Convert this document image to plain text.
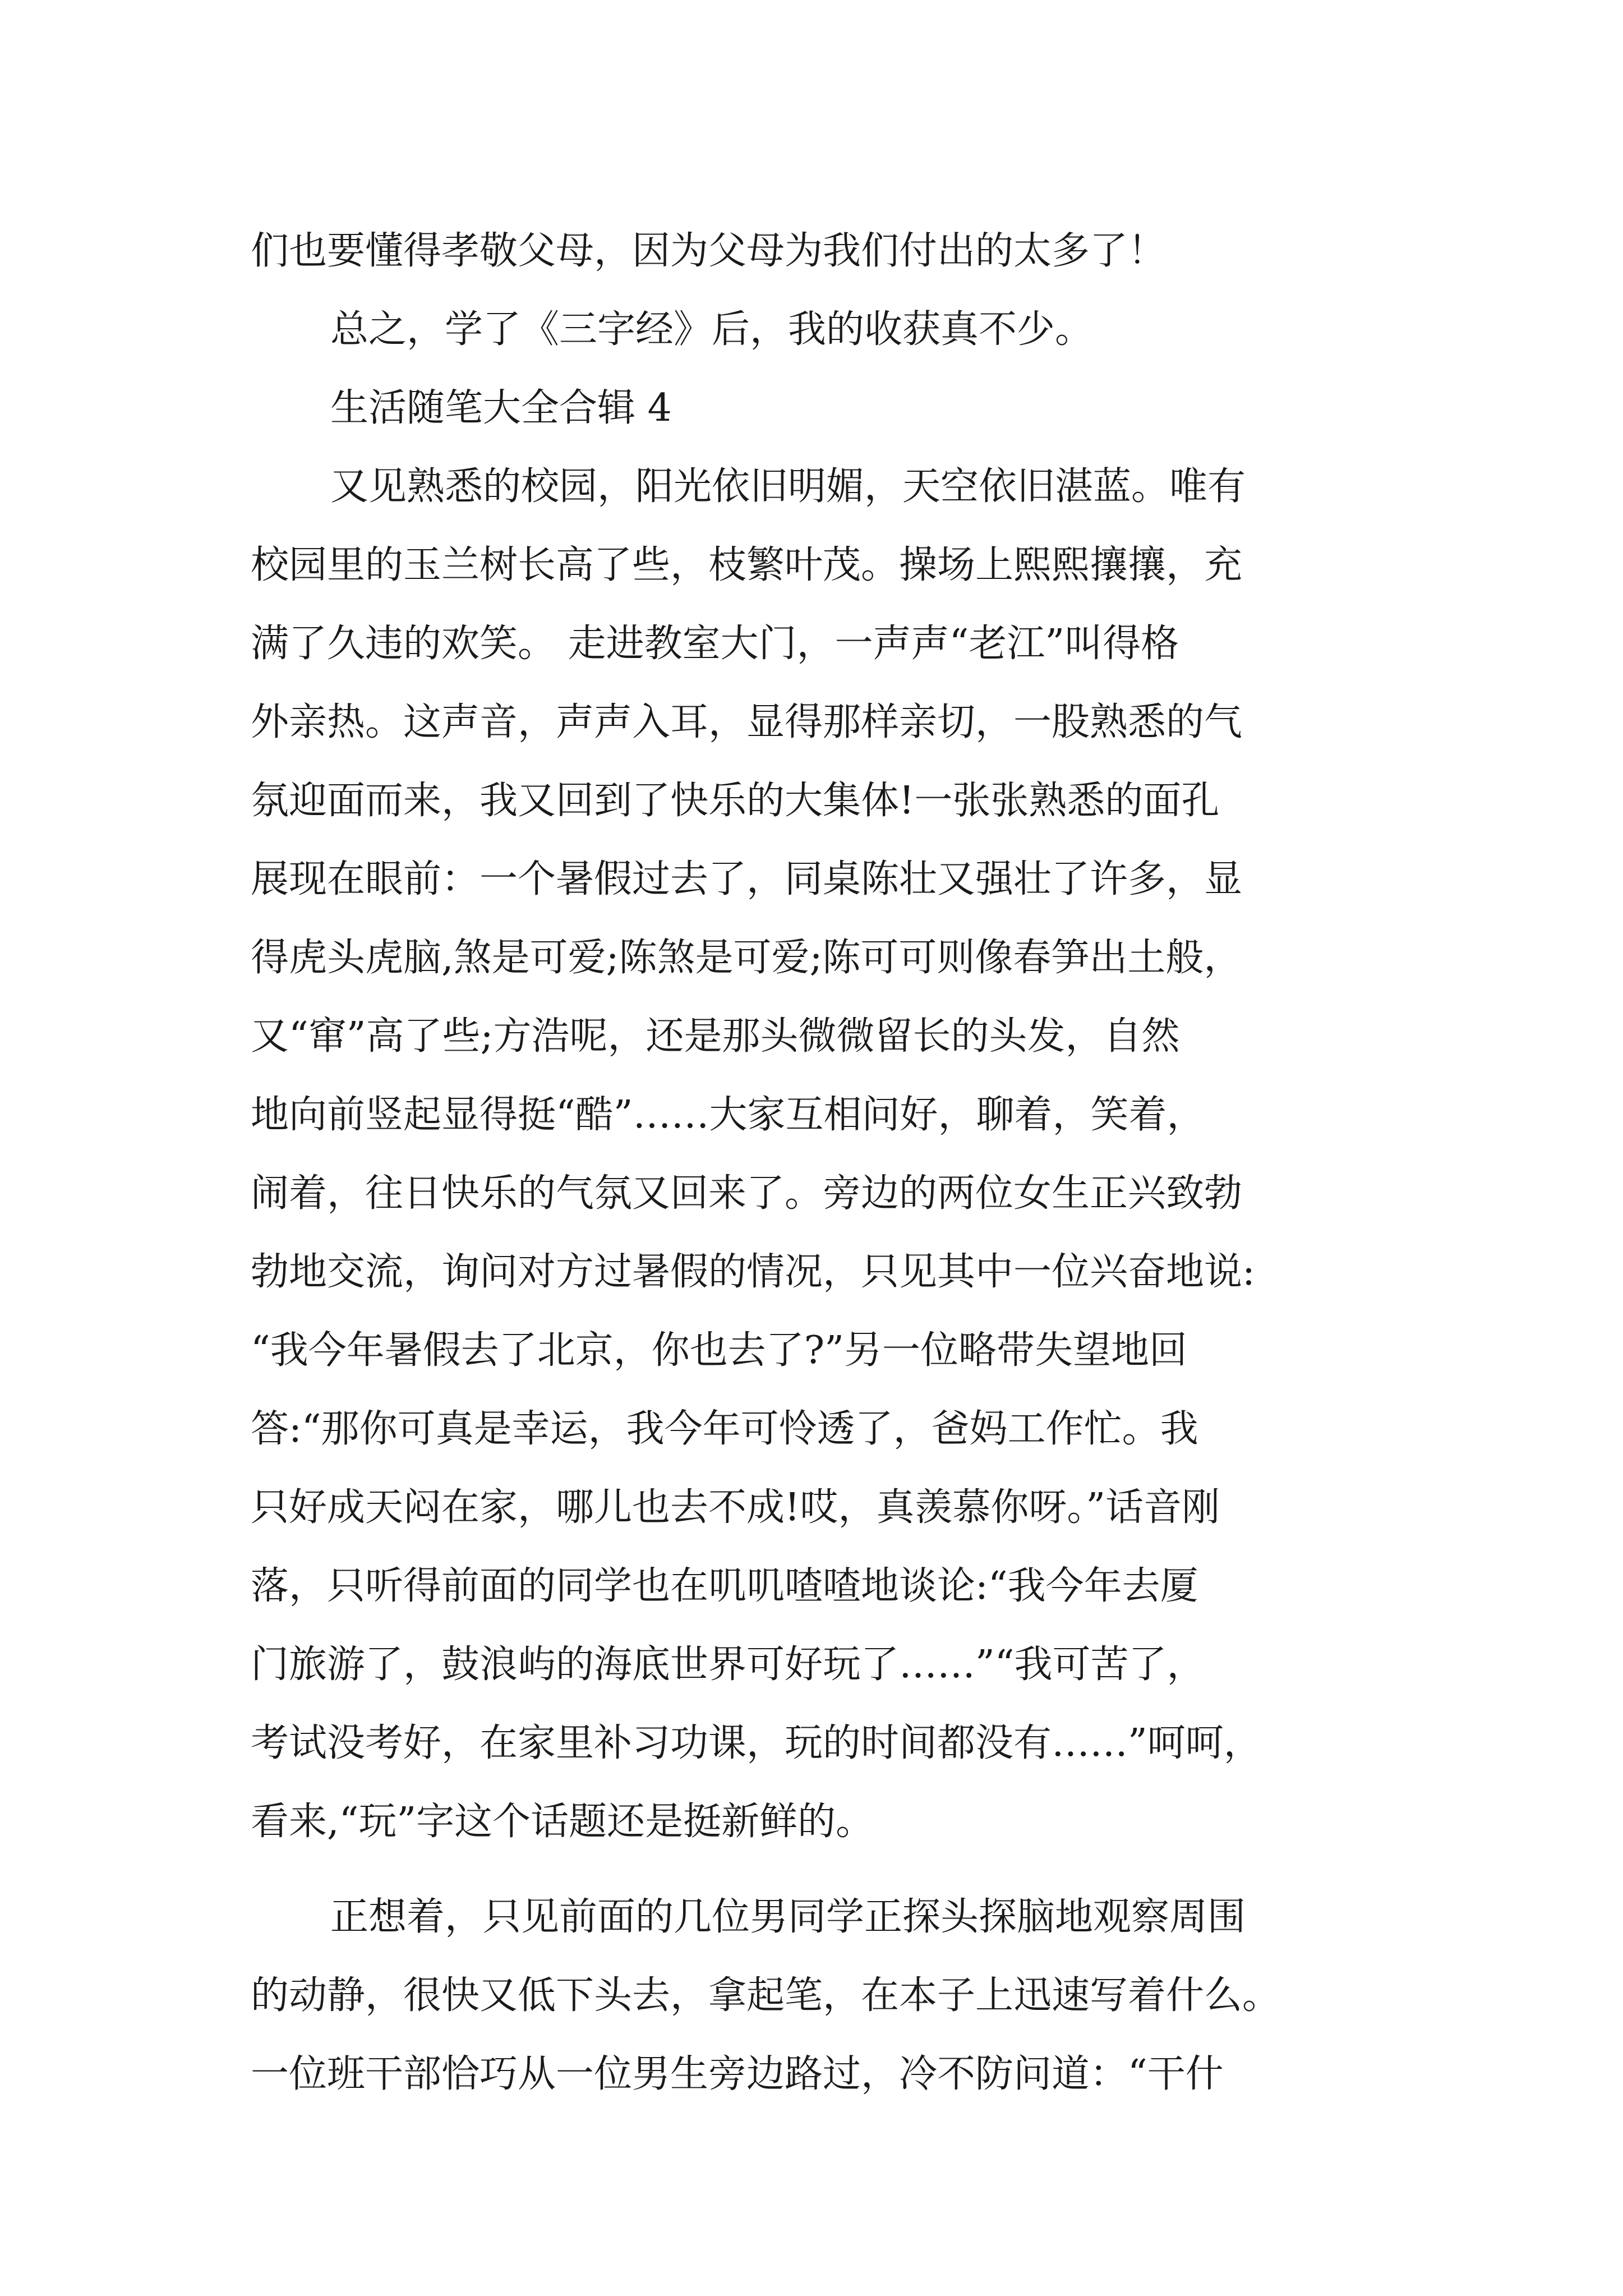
们也要懂得孝敬父母，因为父母为我们付出的太多了！

总之，学了《三字经》后，我的收获真不少。

生活随笔大全合辑 4

又见熟悉的校园，阳光依旧明媚，天空依旧湛蓝。唯有

校园里的玉兰树长高了些，枝繁叶茂。操场上熙熙攘攘，充

满了久违的欢笑。 走进教室大门，一声声“老江”叫得格

外亲热。这声音，声声入耳，显得那样亲切，一股熟悉的气

氛迎面而来，我又回到了快乐的大集体!一张张熟悉的面孔

展现在眼前：一个暑假过去了，同桌陈壮又强壮了许多，显

得虎头虎脑,煞是可爱;陈煞是可爱;陈可可则像春笋出土般，

又“窜”高了些;方浩呢，还是那头微微留长的头发，自然

地向前竖起显得挺“酷”……大家互相问好，聊着，笑着，

闹着，往日快乐的气氛又回来了。旁边的两位女生正兴致勃

勃地交流，询问对方过暑假的情况，只见其中一位兴奋地说:

“我今年暑假去了北京，你也去了?”另一位略带失望地回

答:“那你可真是幸运，我今年可怜透了，爸妈工作忙。我

只好成天闷在家，哪儿也去不成!哎，真羡慕你呀。”话音刚

落，只听得前面的同学也在叽叽喳喳地谈论:“我今年去厦

门旅游了，鼓浪屿的海底世界可好玩了……”“我可苦了，

考试没考好，在家里补习功课，玩的时间都没有……”呵呵，

看来,“玩”字这个话题还是挺新鲜的。

正想着，只见前面的几位男同学正探头探脑地观察周围

的动静，很快又低下头去，拿起笔，在本子上迅速写着什么。

一位班干部恰巧从一位男生旁边路过，冷不防问道：“干什
